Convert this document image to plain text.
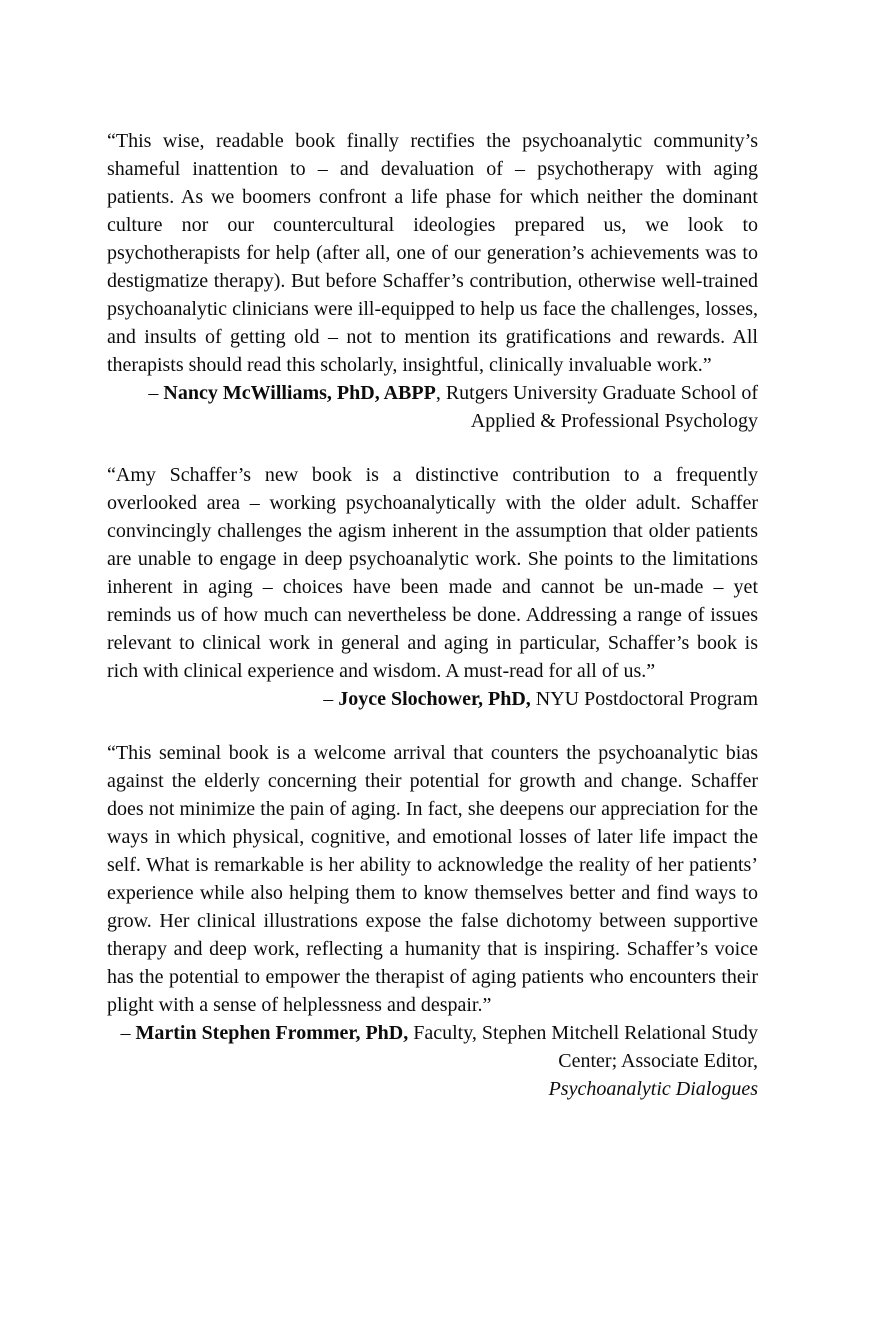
“This wise, readable book finally rectifies the psychoanalytic community’s shameful inattention to – and devaluation of – psychotherapy with aging patients. As we boomers confront a life phase for which neither the dominant culture nor our countercultural ideologies prepared us, we look to psychotherapists for help (after all, one of our generation’s achievements was to destigmatize therapy). But before Schaffer’s contribution, otherwise well-trained psychoanalytic clinicians were ill-equipped to help us face the challenges, losses, and insults of getting old – not to mention its gratifications and rewards. All therapists should read this scholarly, insightful, clinically invaluable work.”

– Nancy McWilliams, PhD, ABPP, Rutgers University Graduate School of Applied & Professional Psychology

“Amy Schaffer’s new book is a distinctive contribution to a frequently overlooked area – working psychoanalytically with the older adult. Schaffer convincingly challenges the agism inherent in the assumption that older patients are unable to engage in deep psychoanalytic work. She points to the limitations inherent in aging – choices have been made and cannot be un-made – yet reminds us of how much can nevertheless be done. Addressing a range of issues relevant to clinical work in general and aging in particular, Schaffer’s book is rich with clinical experience and wisdom. A must-read for all of us.”

– Joyce Slochower, PhD, NYU Postdoctoral Program

“This seminal book is a welcome arrival that counters the psychoanalytic bias against the elderly concerning their potential for growth and change. Schaffer does not minimize the pain of aging. In fact, she deepens our appreciation for the ways in which physical, cognitive, and emotional losses of later life impact the self. What is remarkable is her ability to acknowledge the reality of her patients’ experience while also helping them to know themselves better and find ways to grow. Her clinical illustrations expose the false dichotomy between supportive therapy and deep work, reflecting a humanity that is inspiring. Schaffer’s voice has the potential to empower the therapist of aging patients who encounters their plight with a sense of helplessness and despair.”

– Martin Stephen Frommer, PhD, Faculty, Stephen Mitchell Relational Study Center; Associate Editor,
Psychoanalytic Dialogues
